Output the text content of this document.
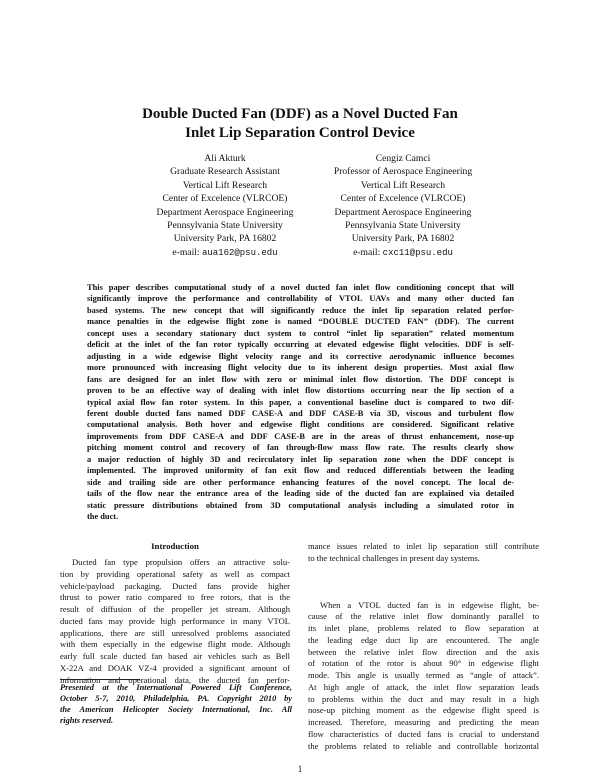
Double Ducted Fan (DDF) as a Novel Ducted Fan
Inlet Lip Separation Control Device
Ali Akturk
Graduate Research Assistant
Vertical Lift Research
Center of Excelence (VLRCOE)
Department Aerospace Engineering
Pennsylvania State University
University Park, PA 16802
e-mail: aua162@psu.edu
Cengiz Camci
Professor of Aerospace Engineering
Vertical Lift Research
Center of Excelence (VLRCOE)
Department Aerospace Engineering
Pennsylvania State University
University Park, PA 16802
e-mail: cxc11@psu.edu
This paper describes computational study of a novel ducted fan inlet flow conditioning concept that will
significantly improve the performance and controllability of VTOL UAVs and many other ducted fan
based systems. The new concept that will significantly reduce the inlet lip separation related perfor-
mance penalties in the edgewise flight zone is named “DOUBLE DUCTED FAN” (DDF). The current
concept uses a secondary stationary duct system to control “inlet lip separation” related momentum
deficit at the inlet of the fan rotor typically occurring at elevated edgewise flight velocities. DDF is self-
adjusting in a wide edgewise flight velocity range and its corrective aerodynamic influence becomes
more pronounced with increasing flight velocity due to its inherent design properties. Most axial flow
fans are designed for an inlet flow with zero or minimal inlet flow distortion. The DDF concept is
proven to be an effective way of dealing with inlet flow distortions occurring near the lip section of a
typical axial flow fan rotor system. In this paper, a conventional baseline duct is compared to two dif-
ferent double ducted fans named DDF CASE-A and DDF CASE-B via 3D, viscous and turbulent flow
computational analysis. Both hover and edgewise flight conditions are considered. Significant relative
improvements from DDF CASE-A and DDF CASE-B are in the areas of thrust enhancement, nose-up
pitching moment control and recovery of fan through-flow mass flow rate. The results clearly show
a major reduction of highly 3D and recirculatory inlet lip separation zone when the DDF concept is
implemented. The improved uniformity of fan exit flow and reduced differentials between the leading
side and trailing side are other performance enhancing features of the novel concept. The local de-
tails of the flow near the entrance area of the leading side of the ducted fan are explained via detailed
static pressure distributions obtained from 3D computational analysis including a simulated rotor in
the duct.
Introduction
Ducted fan type propulsion offers an attractive solu-
tion by providing operational safety as well as compact
vehicle/payload packaging. Ducted fans provide higher
thrust to power ratio compared to free rotors, that is the
result of diffusion of the propeller jet stream. Although
ducted fans may provide high performance in many VTOL
applications, there are still unresolved problems associated
with them especially in the edgewise flight mode. Although
early full scale ducted fan based air vehicles such as Bell
X-22A and DOAK VZ-4 provided a significant amount of
information and operational data, the ducted fan perfor-
Presented at the International Powered Lift Conference,
October 5-7, 2010, Philadelphia, PA. Copyright 2010 by
the American Helicopter Society International, Inc. All
rights reserved.
mance issues related to inlet lip separation still contribute
to the technical challenges in present day systems.
When a VTOL ducted fan is in edgewise flight, be-
cause of the relative inlet flow dominantly parallel to
its inlet plane, problems related to flow separation at
the leading edge duct lip are encountered. The angle
between the relative inlet flow direction and the axis
of rotation of the rotor is about 90° in edgewise flight
mode. This angle is usually termed as “angle of attack”.
At high angle of attack, the inlet flow separation leads
to problems within the duct and may result in a high
nose-up pitching moment as the edgewise flight speed is
increased. Therefore, measuring and predicting the mean
flow characteristics of ducted fans is crucial to understand
the problems related to reliable and controllable horizontal
1
